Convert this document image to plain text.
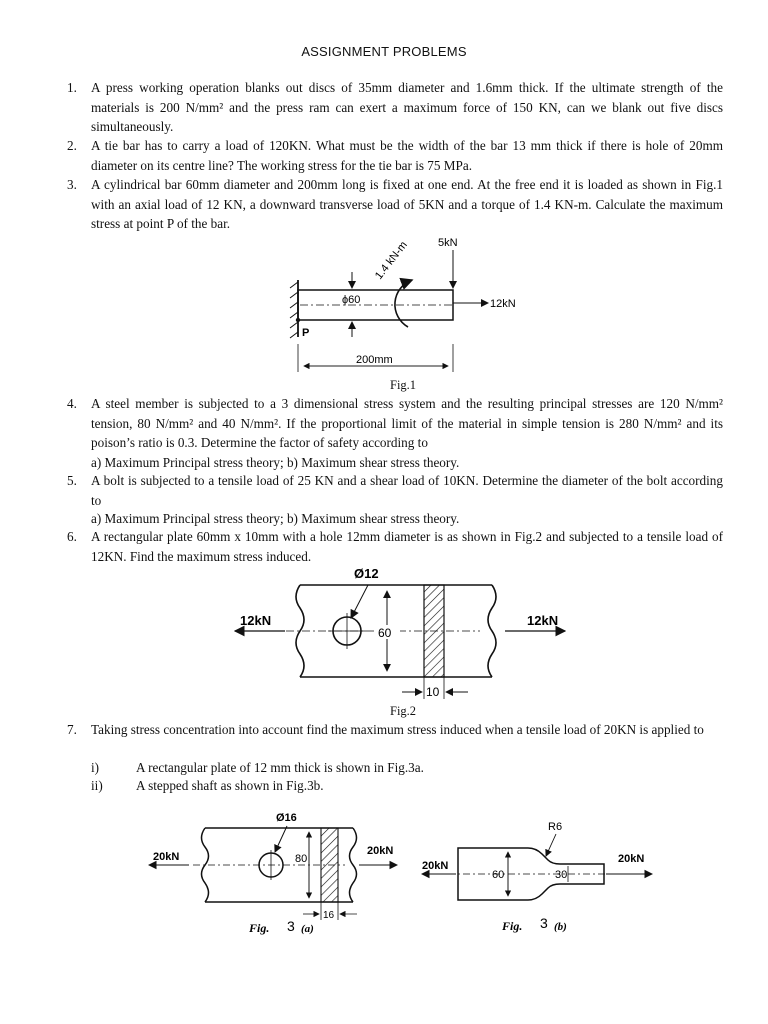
ASSIGNMENT PROBLEMS
1.	A press working operation blanks out discs of 35mm diameter and 1.6mm thick. If the ultimate strength of the materials is 200 N/mm² and the press ram can exert a maximum force of 150 KN, can we blank out five discs simultaneously.
2.	A tie bar has to carry a load of 120KN. What must be the width of the bar 13 mm thick if there is hole of 20mm diameter on its centre line? The working stress for the tie bar is 75 MPa.
3.	A cylindrical bar 60mm diameter and 200mm long is fixed at one end. At the free end it is loaded as shown in Fig.1 with an axial load of 12 KN, a downward transverse load of 5KN and a torque of 1.4 KN-m. Calculate the maximum stress at point P of the bar.
ϕ60
1.4 kN-m	5kN
12kN
P
200mm
Fig.1
4.	A steel member is subjected to a 3 dimensional stress system and the resulting principal stresses are 120 N/mm² tension, 80 N/mm² and 40 N/mm². If the proportional limit of the material in simple tension is 280 N/mm² and its poison’s ratio is 0.3. Determine the factor of safety according to
a) Maximum Principal stress theory; b) Maximum shear stress theory.
5.	A bolt is subjected to a tensile load of 25 KN and a shear load of 10KN. Determine the diameter of the bolt according to
a) Maximum Principal stress theory; b) Maximum shear stress theory.
6.	A rectangular plate 60mm x 10mm with a hole 12mm diameter is as shown in Fig.2 and subjected to a tensile load of 12KN. Find the maximum stress induced.
Ø12
12kN	12kN
60
10
Fig.2
7.	Taking stress concentration into account find the maximum stress induced when a tensile load of 20KN is applied to
i)	A rectangular plate of 12 mm thick is shown in Fig.3a.
ii)	A stepped shaft as shown in Fig.3b.
Ø16
20kN	20kN
80
16
Fig. 3 (a)
R6
60	30
20kN
20kN
Fig. 3 (b)
